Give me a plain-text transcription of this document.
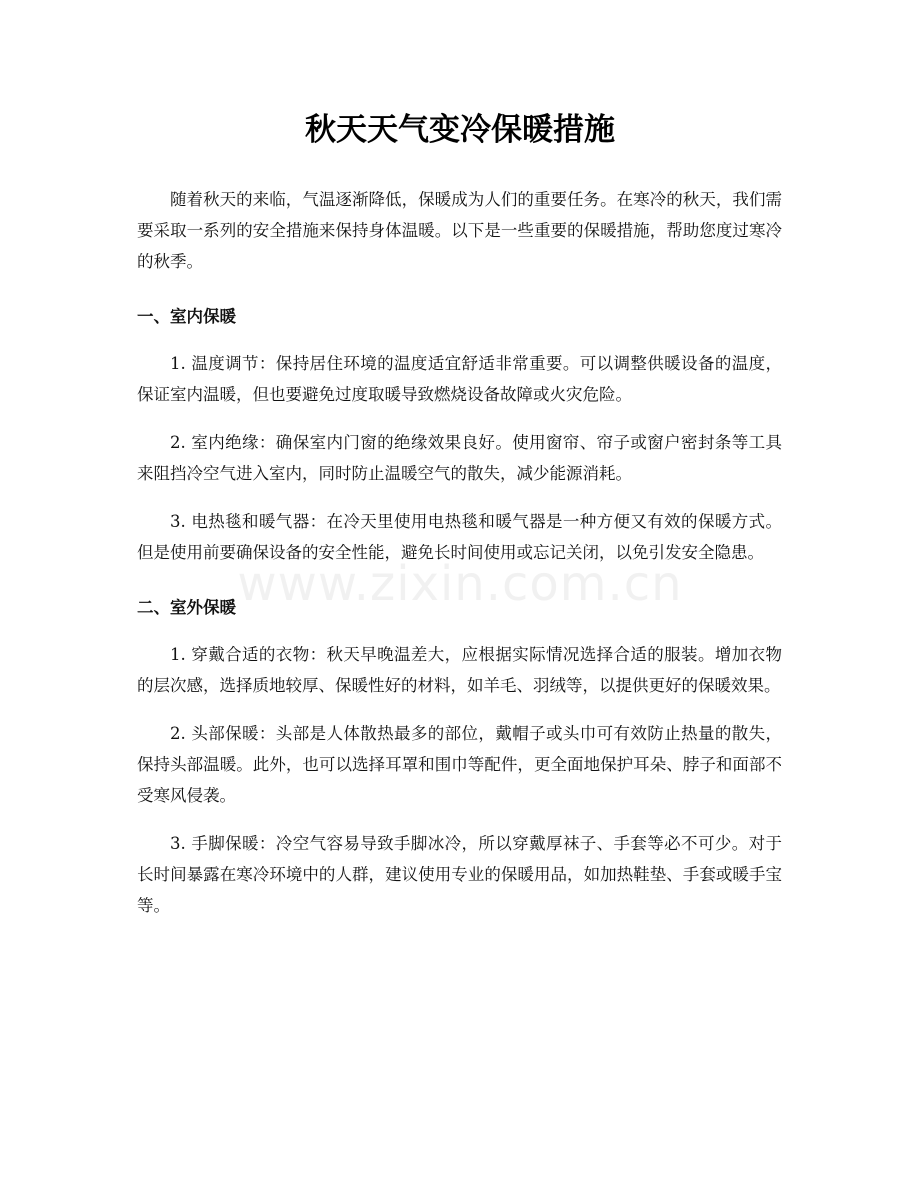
秋天天气变冷保暖措施
www.zixin.com.cn

随着秋天的来临，气温逐渐降低，保暖成为人们的重要任务。在寒冷的秋天，我们需要采取一系列的安全措施来保持身体温暖。以下是一些重要的保暖措施，帮助您度过寒冷的秋季。

一、室内保暖

1. 温度调节：保持居住环境的温度适宜舒适非常重要。可以调整供暖设备的温度，保证室内温暖，但也要避免过度取暖导致燃烧设备故障或火灾危险。

2. 室内绝缘：确保室内门窗的绝缘效果良好。使用窗帘、帘子或窗户密封条等工具来阻挡冷空气进入室内，同时防止温暖空气的散失，减少能源消耗。

3. 电热毯和暖气器：在冷天里使用电热毯和暖气器是一种方便又有效的保暖方式。但是使用前要确保设备的安全性能，避免长时间使用或忘记关闭，以免引发安全隐患。

二、室外保暖

1. 穿戴合适的衣物：秋天早晚温差大，应根据实际情况选择合适的服装。增加衣物的层次感，选择质地较厚、保暖性好的材料，如羊毛、羽绒等，以提供更好的保暖效果。

2. 头部保暖：头部是人体散热最多的部位，戴帽子或头巾可有效防止热量的散失，保持头部温暖。此外，也可以选择耳罩和围巾等配件，更全面地保护耳朵、脖子和面部不受寒风侵袭。

3. 手脚保暖：冷空气容易导致手脚冰冷，所以穿戴厚袜子、手套等必不可少。对于长时间暴露在寒冷环境中的人群，建议使用专业的保暖用品，如加热鞋垫、手套或暖手宝等。
